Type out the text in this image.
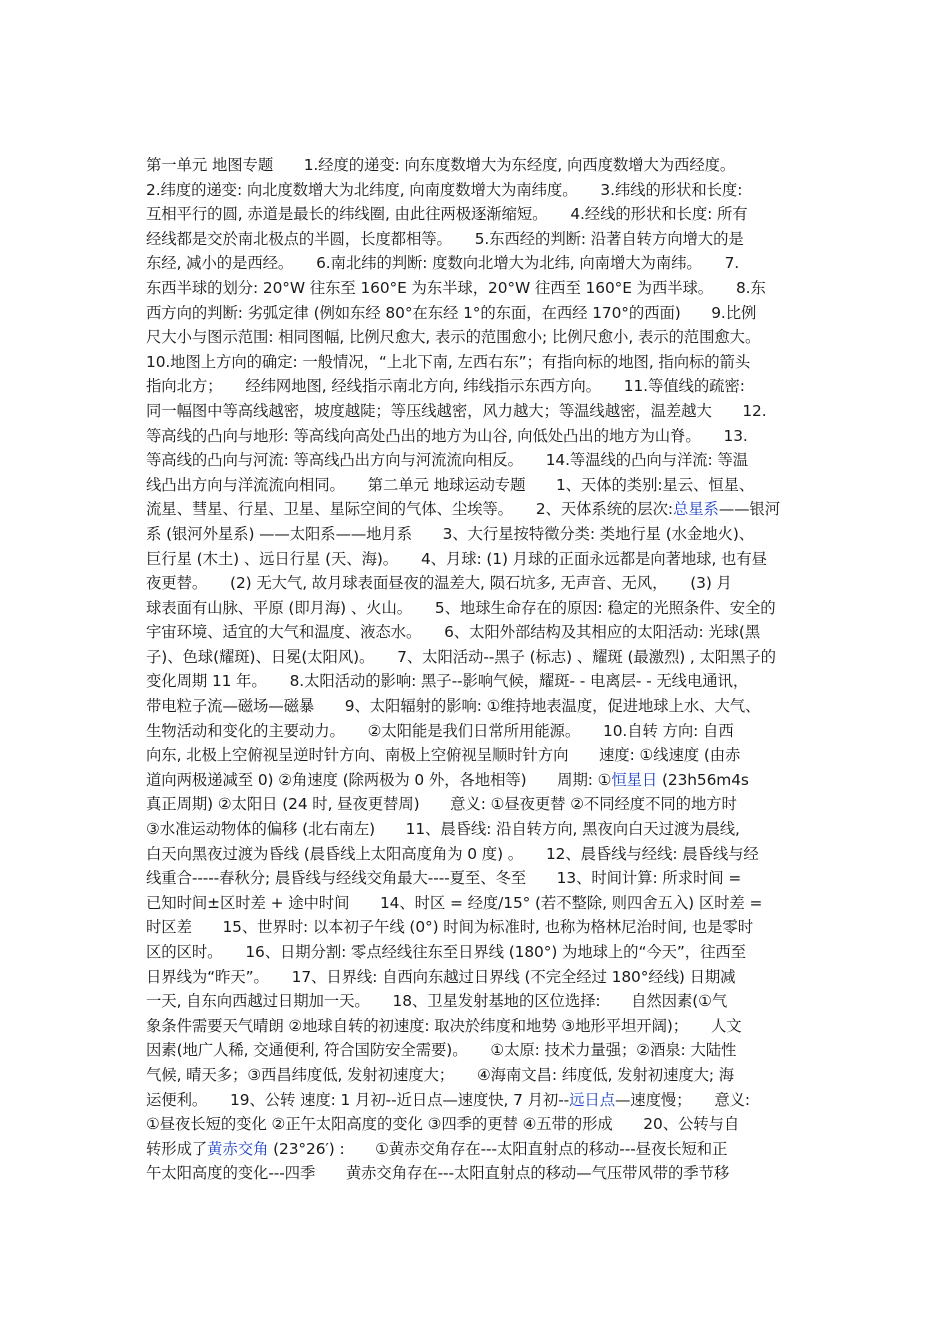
第一单元 地图专题　　1.经度的递变: 向东度数增大为东经度, 向西度数增大为西经度。
2.纬度的递变: 向北度数增大为北纬度, 向南度数增大为南纬度。　　3.纬线的形状和长度:
互相平行的圆, 赤道是最长的纬线圈, 由此往两极逐渐缩短。　　4.经线的形状和长度: 所有
经线都是交於南北极点的半圆，长度都相等。　　5.东西经的判断: 沿著自转方向增大的是
东经, 减小的是西经。　　6.南北纬的判断: 度数向北增大为北纬, 向南增大为南纬。　　7.
东西半球的划分: 20°W 往东至 160°E 为东半球，20°W 往西至 160°E 为西半球。　　8.东
西方向的判断: 劣弧定律 (例如东经 80°在东经 1°的东面，在西经 170°的西面)　　9.比例
尺大小与图示范围: 相同图幅, 比例尺愈大, 表示的范围愈小; 比例尺愈小, 表示的范围愈大。
10.地图上方向的确定: 一般情况，“上北下南, 左西右东”；有指向标的地图, 指向标的箭头
指向北方；　　经纬网地图, 经线指示南北方向, 纬线指示东西方向。　　11.等值线的疏密:
同一幅图中等高线越密，坡度越陡；等压线越密，风力越大；等温线越密，温差越大　　12.
等高线的凸向与地形: 等高线向高处凸出的地方为山谷, 向低处凸出的地方为山脊。　　13.
等高线的凸向与河流: 等高线凸出方向与河流流向相反。　　14.等温线的凸向与洋流: 等温
线凸出方向与洋流流向相同。　　第二单元 地球运动专题　　1、天体的类别:星云、恒星、
流星、彗星、行星、卫星、星际空间的气体、尘埃等。　　2、天体系统的层次:总星系——银河
系 (银河外星系) ——太阳系——地月系　　3、大行星按特徵分类: 类地行星 (水金地火)、
巨行星 (木土) 、远日行星 (天、海)。　　4、月球: (1) 月球的正面永远都是向著地球, 也有昼
夜更替。　　(2) 无大气, 故月球表面昼夜的温差大, 陨石坑多, 无声音、无风，　　(3) 月
球表面有山脉、平原 (即月海) 、火山。　　5、地球生命存在的原因: 稳定的光照条件、安全的
宇宙环境、适宜的大气和温度、液态水。　　6、太阳外部结构及其相应的太阳活动: 光球(黑
子)、色球(耀斑)、日冕(太阳风)。　　7、太阳活动--黑子 (标志) 、耀斑 (最激烈) , 太阳黑子的
变化周期 11 年。　　8.太阳活动的影响: 黑子--影响气候，耀斑- - 电离层- - 无线电通讯，
带电粒子流—磁场—磁暴　　9、太阳辐射的影响: ①维持地表温度，促进地球上水、大气、
生物活动和变化的主要动力。　　②太阳能是我们日常所用能源。　　10.自转 方向: 自西
向东, 北极上空俯视呈逆时针方向、南极上空俯视呈顺时针方向　　速度: ①线速度 (由赤
道向两极递减至 0) ②角速度 (除两极为 0 外，各地相等)　　周期: ①恒星日 (23h56m4s
真正周期) ②太阳日 (24 时, 昼夜更替周)　　意义: ①昼夜更替 ②不同经度不同的地方时
③水准运动物体的偏移 (北右南左)　　11、晨昏线: 沿自转方向, 黑夜向白天过渡为晨线,
白天向黑夜过渡为昏线 (晨昏线上太阳高度角为 0 度) 。　　12、晨昏线与经线: 晨昏线与经
线重合-----春秋分; 晨昏线与经线交角最大----夏至、冬至　　13、时间计算: 所求时间 =
已知时间±区时差 + 途中时间　　14、时区 = 经度/15° (若不整除, 则四舍五入) 区时差 =
时区差　　15、世界时: 以本初子午线 (0°) 时间为标准时, 也称为格林尼治时间, 也是零时
区的区时。　　16、日期分割: 零点经线往东至日界线 (180°) 为地球上的“今天”，往西至
日界线为“昨天”。　　17、日界线: 自西向东越过日界线 (不完全经过 180°经线) 日期减
一天, 自东向西越过日期加一天。　　18、卫星发射基地的区位选择:　　自然因素(①气
象条件需要天气晴朗 ②地球自转的初速度: 取决於纬度和地势 ③地形平坦开阔)；　　人文
因素(地广人稀, 交通便利, 符合国防安全需要)。　　①太原: 技术力量强；②酒泉: 大陆性
气候, 晴天多；③西昌纬度低, 发射初速度大；　　④海南文昌: 纬度低, 发射初速度大; 海
运便利。　　19、公转 速度: 1 月初--近日点—速度快, 7 月初--远日点—速度慢；　　意义:
①昼夜长短的变化 ②正午太阳高度的变化 ③四季的更替 ④五带的形成　　20、公转与自
转形成了黄赤交角 (23°26′) :　　①黄赤交角存在---太阳直射点的移动---昼夜长短和正
午太阳高度的变化---四季　　黄赤交角存在---太阳直射点的移动—气压带风带的季节移
